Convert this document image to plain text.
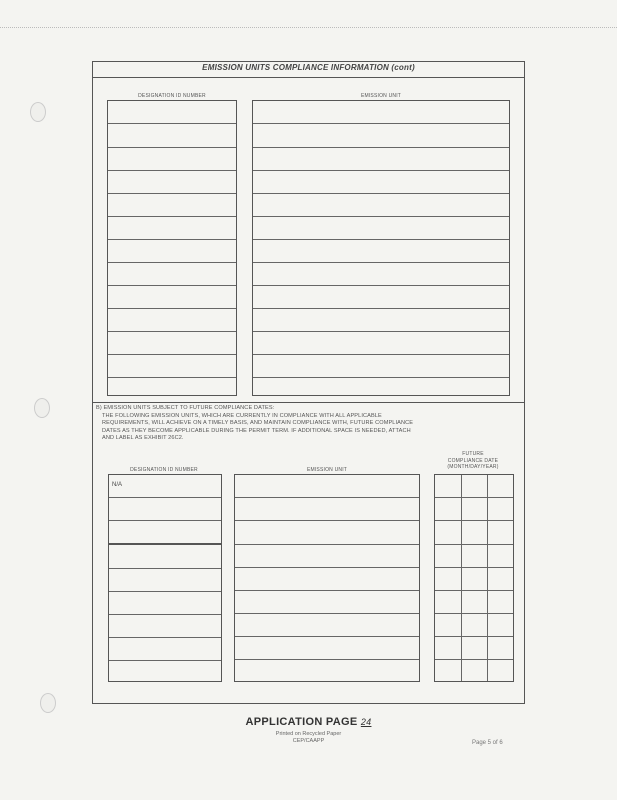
EMISSION UNITS COMPLIANCE INFORMATION (cont)
DESIGNATION ID NUMBER	EMISSION UNIT
B) EMISSION UNITS SUBJECT TO FUTURE COMPLIANCE DATES:
THE FOLLOWING EMISSION UNITS, WHICH ARE CURRENTLY IN COMPLIANCE WITH ALL APPLICABLE
REQUIREMENTS, WILL ACHIEVE ON A TIMELY BASIS, AND MAINTAIN COMPLIANCE WITH, FUTURE COMPLIANCE
DATES AS THEY BECOME APPLICABLE DURING THE PERMIT TERM. IF ADDITIONAL SPACE IS NEEDED, ATTACH
AND LABEL AS EXHIBIT 26C2.
DESIGNATION ID NUMBER	EMISSION UNIT
FUTURE
COMPLIANCE DATE
(MONTH/DAY/YEAR)
N/A
APPLICATION PAGE 24
Printed on Recycled Paper
CEP/CAAPP	Page 5 of 6
